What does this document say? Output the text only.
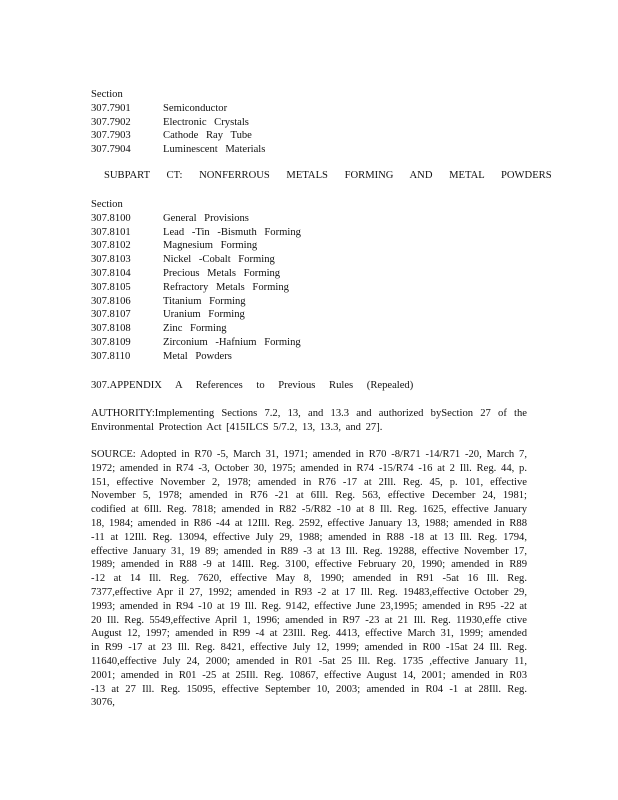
Section
307.7901	Semiconductor
307.7902	Electronic Crystals
307.7903	Cathode Ray Tube
307.7904	Luminescent Materials
SUBPART CT: NONFERROUS METALS FORMING AND METAL POWDERS
Section
307.8100	General Provisions
307.8101	Lead -Tin -Bismuth Forming
307.8102	Magnesium Forming
307.8103	Nickel -Cobalt Forming
307.8104	Precious Metals Forming
307.8105	Refractory Metals Forming
307.8106	Titanium Forming
307.8107	Uranium Forming
307.8108	Zinc Forming
307.8109	Zirconium -Hafnium Forming
307.8110	Metal Powders
307.APPENDIX A References to Previous Rules (Repealed)
AUTHORITY:Implementing Sections 7.2, 13, and 13.3 and authorized bySection 27 of the Environmental Protection Act [415ILCS 5/7.2, 13, 13.3, and 27].
SOURCE: Adopted in R70 -5, March 31, 1971; amended in R70 -8/R71 -14/R71 -20, March 7, 1972; amended in R74 -3, October 30, 1975; amended in R74 -15/R74 -16 at 2 Ill. Reg. 44, p. 151, effective November 2, 1978; amended in R76 -17 at 2Ill. Reg. 45, p. 101, effective November 5, 1978; amended in R76 -21 at 6Ill. Reg. 563, effective December 24, 1981; codified at 6Ill. Reg. 7818; amended in R82 -5/R82 -10 at 8 Ill. Reg. 1625, effective January 18, 1984; amended in R86 -44 at 12Ill. Reg. 2592, effective January 13, 1988; amended in R88 -11 at 12Ill. Reg. 13094, effective July 29, 1988; amended in R88 -18 at 13 Ill. Reg. 1794, effective January 31, 19 89; amended in R89 -3 at 13 Ill. Reg. 19288, effective November 17, 1989; amended in R88 -9 at 14Ill. Reg. 3100, effective February 20, 1990; amended in R89 -12 at 14 Ill. Reg. 7620, effective May 8, 1990; amended in R91 -5at 16 Ill. Reg. 7377,effective Apr il 27, 1992; amended in R93 -2 at 17 Ill. Reg. 19483,effective October 29, 1993; amended in R94 -10 at 19 Ill. Reg. 9142, effective June 23,1995; amended in R95 -22 at 20 Ill. Reg. 5549,effective April 1, 1996; amended in R97 -23 at 21 Ill. Reg. 11930,effe ctive August 12, 1997; amended in R99 -4 at 23Ill. Reg. 4413, effective March 31, 1999; amended in R99 -17 at 23 Ill. Reg. 8421, effective July 12, 1999; amended in R00 -15at 24 Ill. Reg. 11640,effective July 24, 2000; amended in R01 -5at 25 Ill. Reg. 1735 ,effective January 11, 2001; amended in R01 -25 at 25Ill. Reg. 10867, effective August 14, 2001; amended in R03 -13 at 27 Ill. Reg. 15095, effective September 10, 2003; amended in R04 -1 at 28Ill. Reg. 3076,
